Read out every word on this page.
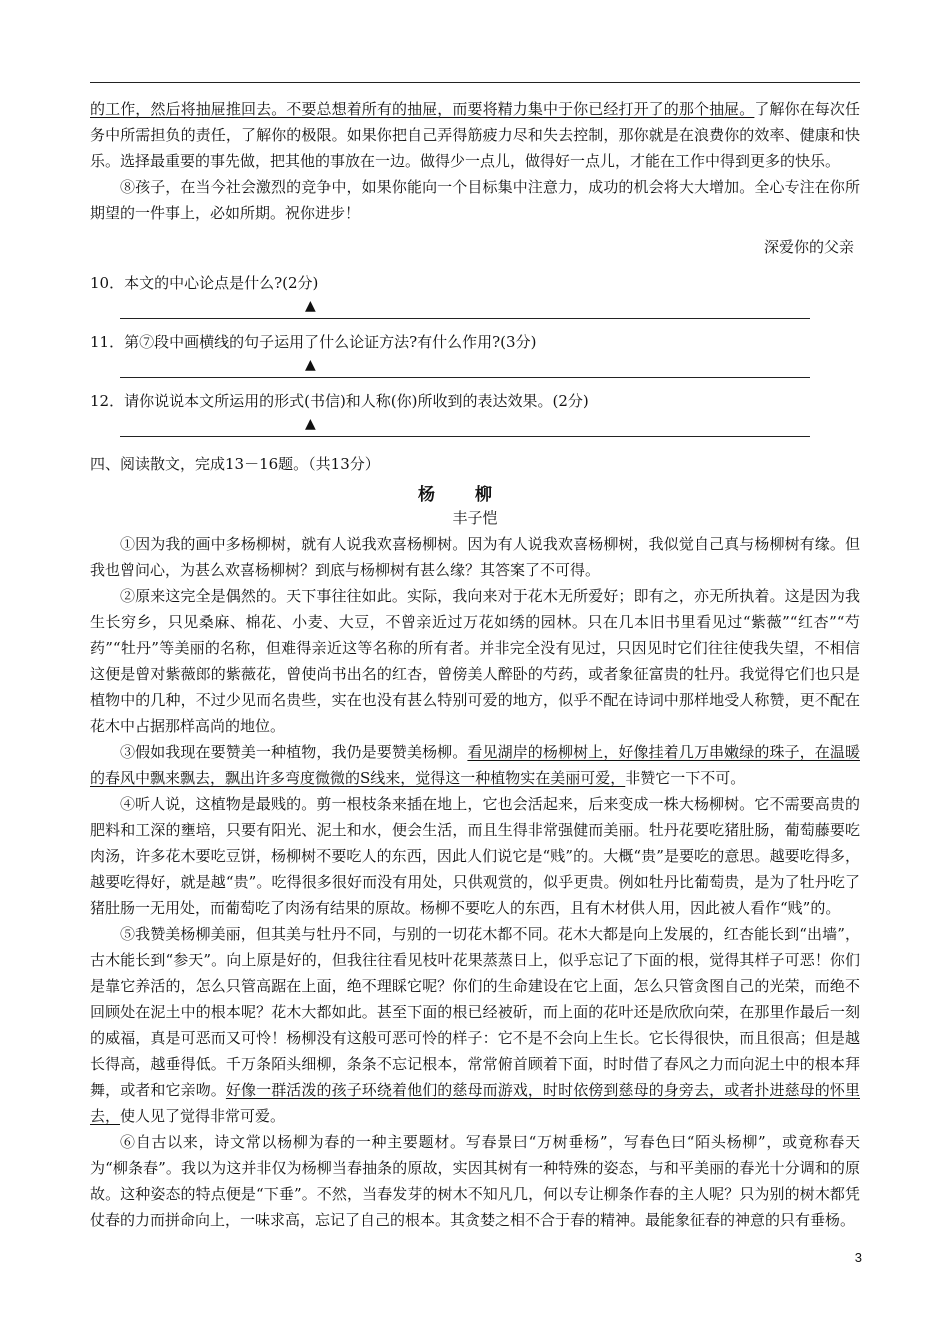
的工作，然后将抽屉推回去。不要总想着所有的抽屉，而要将精力集中于你已经打开了的那个抽屉。了解你在每次任务中所需担负的责任，了解你的极限。如果你把自己弄得筋疲力尽和失去控制，那你就是在浪费你的效率、健康和快乐。选择最重要的事先做，把其他的事放在一边。做得少一点儿，做得好一点儿，才能在工作中得到更多的快乐。

⑧孩子，在当今社会激烈的竞争中，如果你能向一个目标集中注意力，成功的机会将大大增加。全心专注在你所期望的一件事上，必如所期。祝你进步！

深爱你的父亲

10．本文的中心论点是什么?(2分)

▲

11．第⑦段中画横线的句子运用了什么论证方法?有什么作用?(3分)

▲

12．请你说说本文所运用的形式(书信)和人称(你)所收到的表达效果。(2分)

▲

四、阅读散文，完成13－16题。（共13分）

杨柳

丰子恺

①因为我的画中多杨柳树，就有人说我欢喜杨柳树。因为有人说我欢喜杨柳树，我似觉自己真与杨柳树有缘。但我也曾问心，为甚么欢喜杨柳树？到底与杨柳树有甚么缘？其答案了不可得。

②原来这完全是偶然的。天下事往往如此。实际，我向来对于花木无所爱好；即有之，亦无所执着。这是因为我生长穷乡，只见桑麻、棉花、小麦、大豆，不曾亲近过万花如绣的园林。只在几本旧书里看见过“紫薇”“红杏”“芍药”“牡丹”等美丽的名称，但难得亲近这等名称的所有者。并非完全没有见过，只因见时它们往往使我失望，不相信这便是曾对紫薇郎的紫薇花，曾使尚书出名的红杏，曾傍美人醉卧的芍药，或者象征富贵的牡丹。我觉得它们也只是植物中的几种，不过少见而名贵些，实在也没有甚么特别可爱的地方，似乎不配在诗词中那样地受人称赞，更不配在花木中占据那样高尚的地位。

③假如我现在要赞美一种植物，我仍是要赞美杨柳。看见湖岸的杨柳树上，好像挂着几万串嫩绿的珠子，在温暖的春风中飘来飘去，飘出许多弯度微微的S线来，觉得这一种植物实在美丽可爱，非赞它一下不可。

④听人说，这植物是最贱的。剪一根枝条来插在地上，它也会活起来，后来变成一株大杨柳树。它不需要高贵的肥料和工深的壅培，只要有阳光、泥土和水，便会生活，而且生得非常强健而美丽。牡丹花要吃猪肚肠，葡萄藤要吃肉汤，许多花木要吃豆饼，杨柳树不要吃人的东西，因此人们说它是“贱”的。大概“贵”是要吃的意思。越要吃得多，越要吃得好，就是越“贵”。吃得很多很好而没有用处，只供观赏的，似乎更贵。例如牡丹比葡萄贵，是为了牡丹吃了猪肚肠一无用处，而葡萄吃了肉汤有结果的原故。杨柳不要吃人的东西，且有木材供人用，因此被人看作“贱”的。

⑤我赞美杨柳美丽，但其美与牡丹不同，与别的一切花木都不同。花木大都是向上发展的，红杏能长到“出墙”，古木能长到“参天”。向上原是好的，但我往往看见枝叶花果蒸蒸日上，似乎忘记了下面的根，觉得其样子可恶！你们是靠它养活的，怎么只管高踞在上面，绝不理睬它呢？你们的生命建设在它上面，怎么只管贪图自己的光荣，而绝不回顾处在泥土中的根本呢？花木大都如此。甚至下面的根已经被斫，而上面的花叶还是欣欣向荣，在那里作最后一刻的威福，真是可恶而又可怜！杨柳没有这般可恶可怜的样子：它不是不会向上生长。它长得很快，而且很高；但是越长得高，越垂得低。千万条陌头细柳，条条不忘记根本，常常俯首顾着下面，时时借了春风之力而向泥土中的根本拜舞，或者和它亲吻。好像一群活泼的孩子环绕着他们的慈母而游戏，时时依傍到慈母的身旁去，或者扑进慈母的怀里去，使人见了觉得非常可爱。

⑥自古以来，诗文常以杨柳为春的一种主要题材。写春景曰“万树垂杨”，写春色曰“陌头杨柳”，或竟称春天为“柳条春”。我以为这并非仅为杨柳当春抽条的原故，实因其树有一种特殊的姿态，与和平美丽的春光十分调和的原故。这种姿态的特点便是“下垂”。不然，当春发芽的树木不知凡几，何以专让柳条作春的主人呢？只为别的树木都凭仗春的力而拼命向上，一味求高，忘记了自己的根本。其贪婪之相不合于春的精神。最能象征春的神意的只有垂杨。

3
